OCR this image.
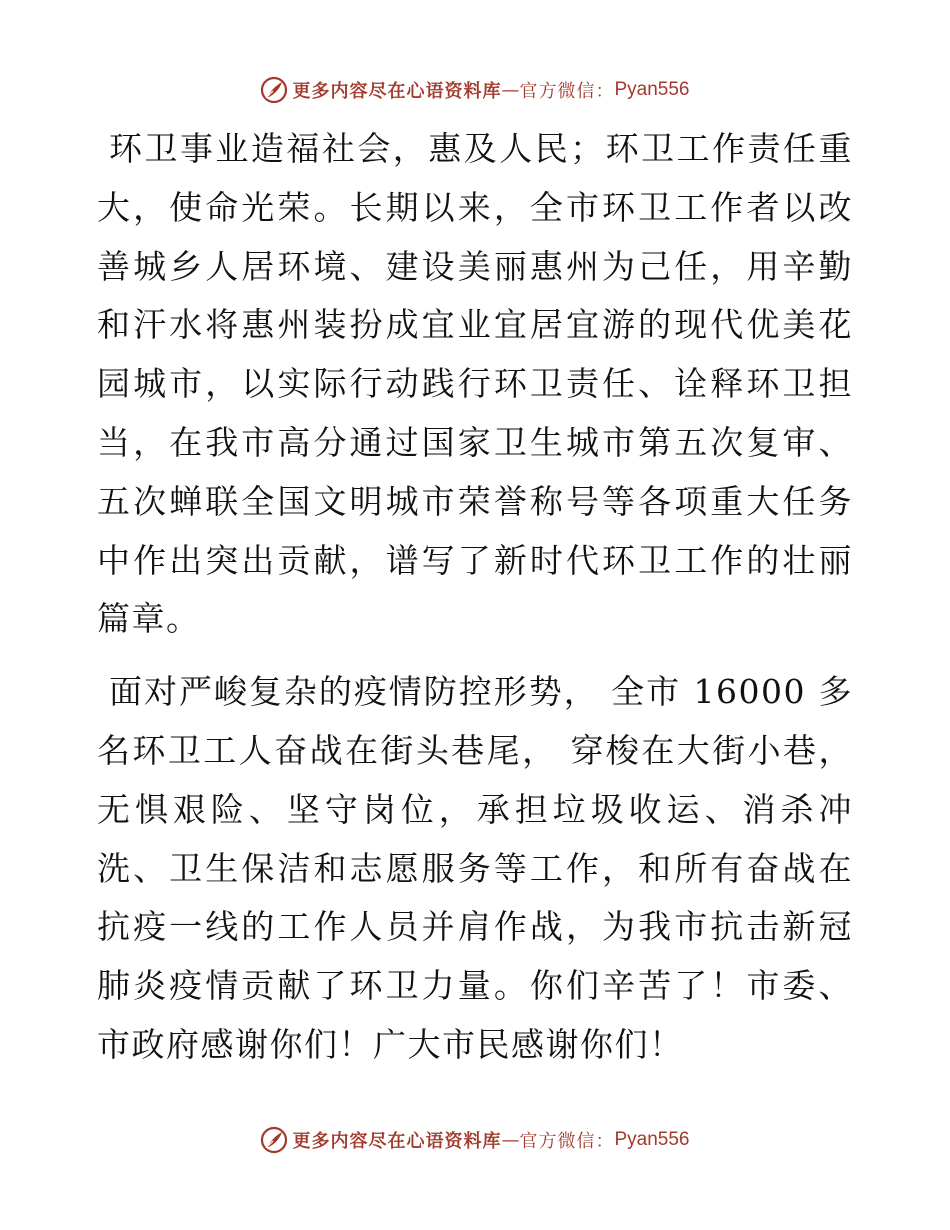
更多内容尽在心语资料库 — 官方微信： Pyan556

环卫事业造福社会，惠及人民；环卫工作责任重大，使命光荣。长期以来，全市环卫工作者以改善城乡人居环境、建设美丽惠州为己任，用辛勤和汗水将惠州装扮成宜业宜居宜游的现代优美花园城市，以实际行动践行环卫责任、诠释环卫担当，在我市高分通过国家卫生城市第五次复审、五次蝉联全国文明城市荣誉称号等各项重大任务中作出突出贡献，谱写了新时代环卫工作的壮丽篇章。

面对严峻复杂的疫情防控形势， 全市 16000 多名环卫工人奋战在街头巷尾， 穿梭在大街小巷，无惧艰险、坚守岗位，承担垃圾收运、消杀冲洗、卫生保洁和志愿服务等工作，和所有奋战在抗疫一线的工作人员并肩作战，为我市抗击新冠肺炎疫情贡献了环卫力量。你们辛苦了！市委、市政府感谢你们！广大市民感谢你们！

更多内容尽在心语资料库 — 官方微信： Pyan556
